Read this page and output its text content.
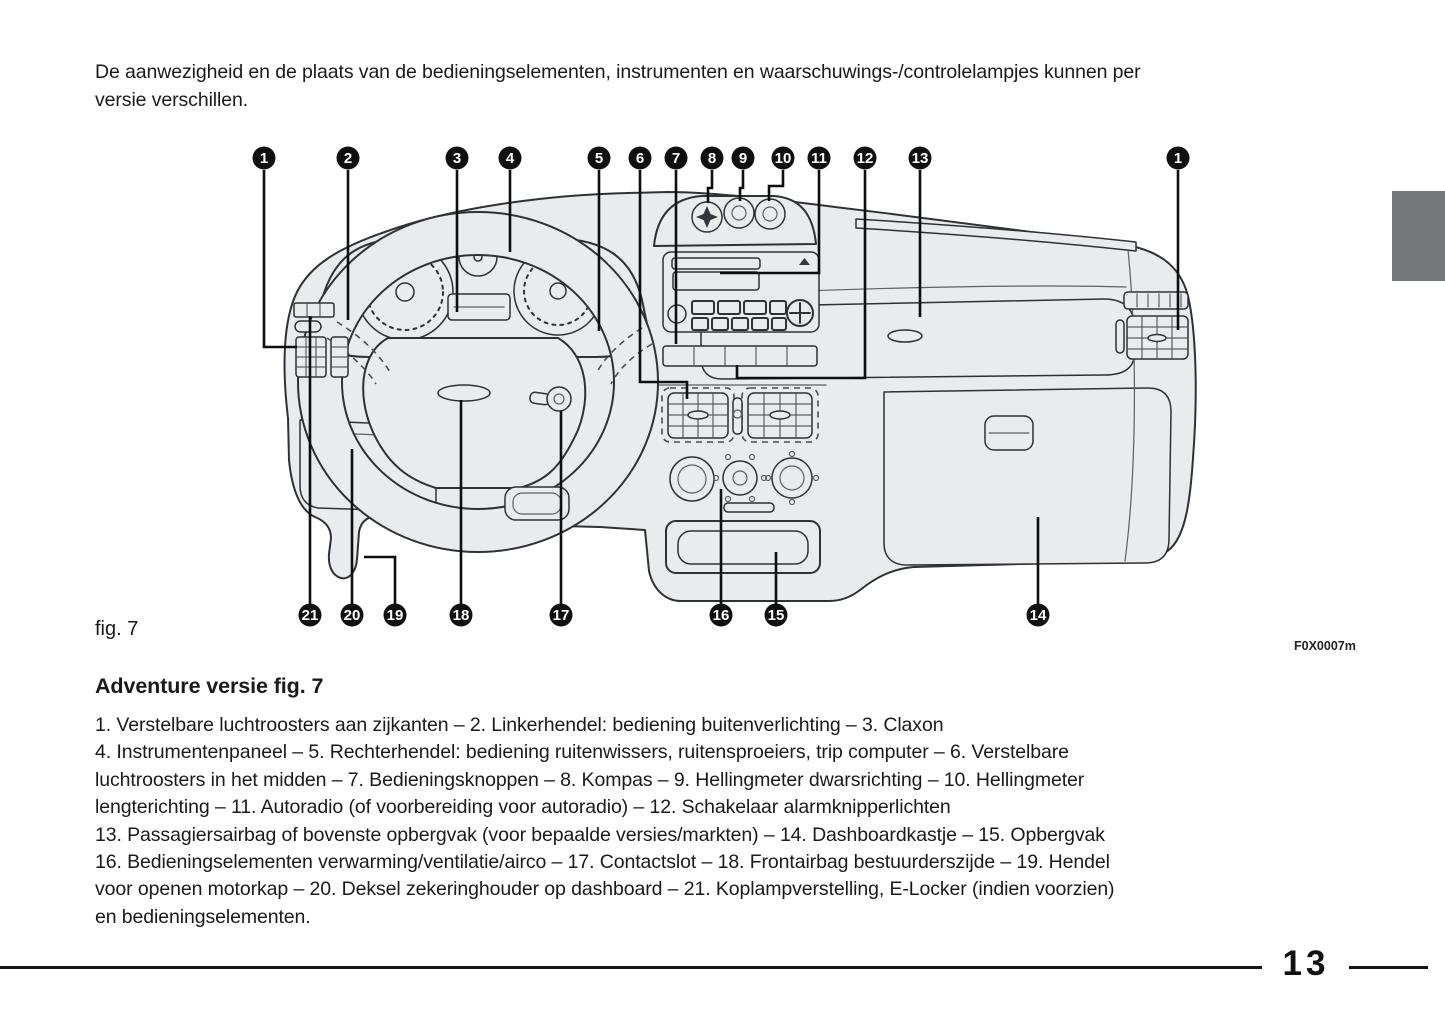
De aanwezigheid en de plaats van de bedieningselementen, instrumenten en waarschuwings-/controlelampjes kunnen per
versie verschillen.
1	2	3	4	5 6 7 8 9 10 11 12	13	1
21 20 19	18	17	16	15	14
fig. 7
F0X0007m
Adventure versie fig. 7
1. Verstelbare luchtroosters aan zijkanten – 2. Linkerhendel: bediening buitenverlichting – 3. Claxon
4. Instrumentenpaneel – 5. Rechterhendel: bediening ruitenwissers, ruitensproeiers, trip computer – 6. Verstelbare
luchtroosters in het midden – 7. Bedieningsknoppen – 8. Kompas – 9. Hellingmeter dwarsrichting – 10. Hellingmeter
lengterichting – 11. Autoradio (of voorbereiding voor autoradio) – 12. Schakelaar alarmknipperlichten
13. Passagiersairbag of bovenste opbergvak (voor bepaalde versies/markten) – 14. Dashboardkastje – 15. Opbergvak
16. Bedieningselementen verwarming/ventilatie/airco – 17. Contactslot – 18. Frontairbag bestuurderszijde – 19. Hendel
voor openen motorkap – 20. Deksel zekeringhouder op dashboard – 21. Koplampverstelling, E-Locker (indien voorzien)
en bedieningselementen.
13
